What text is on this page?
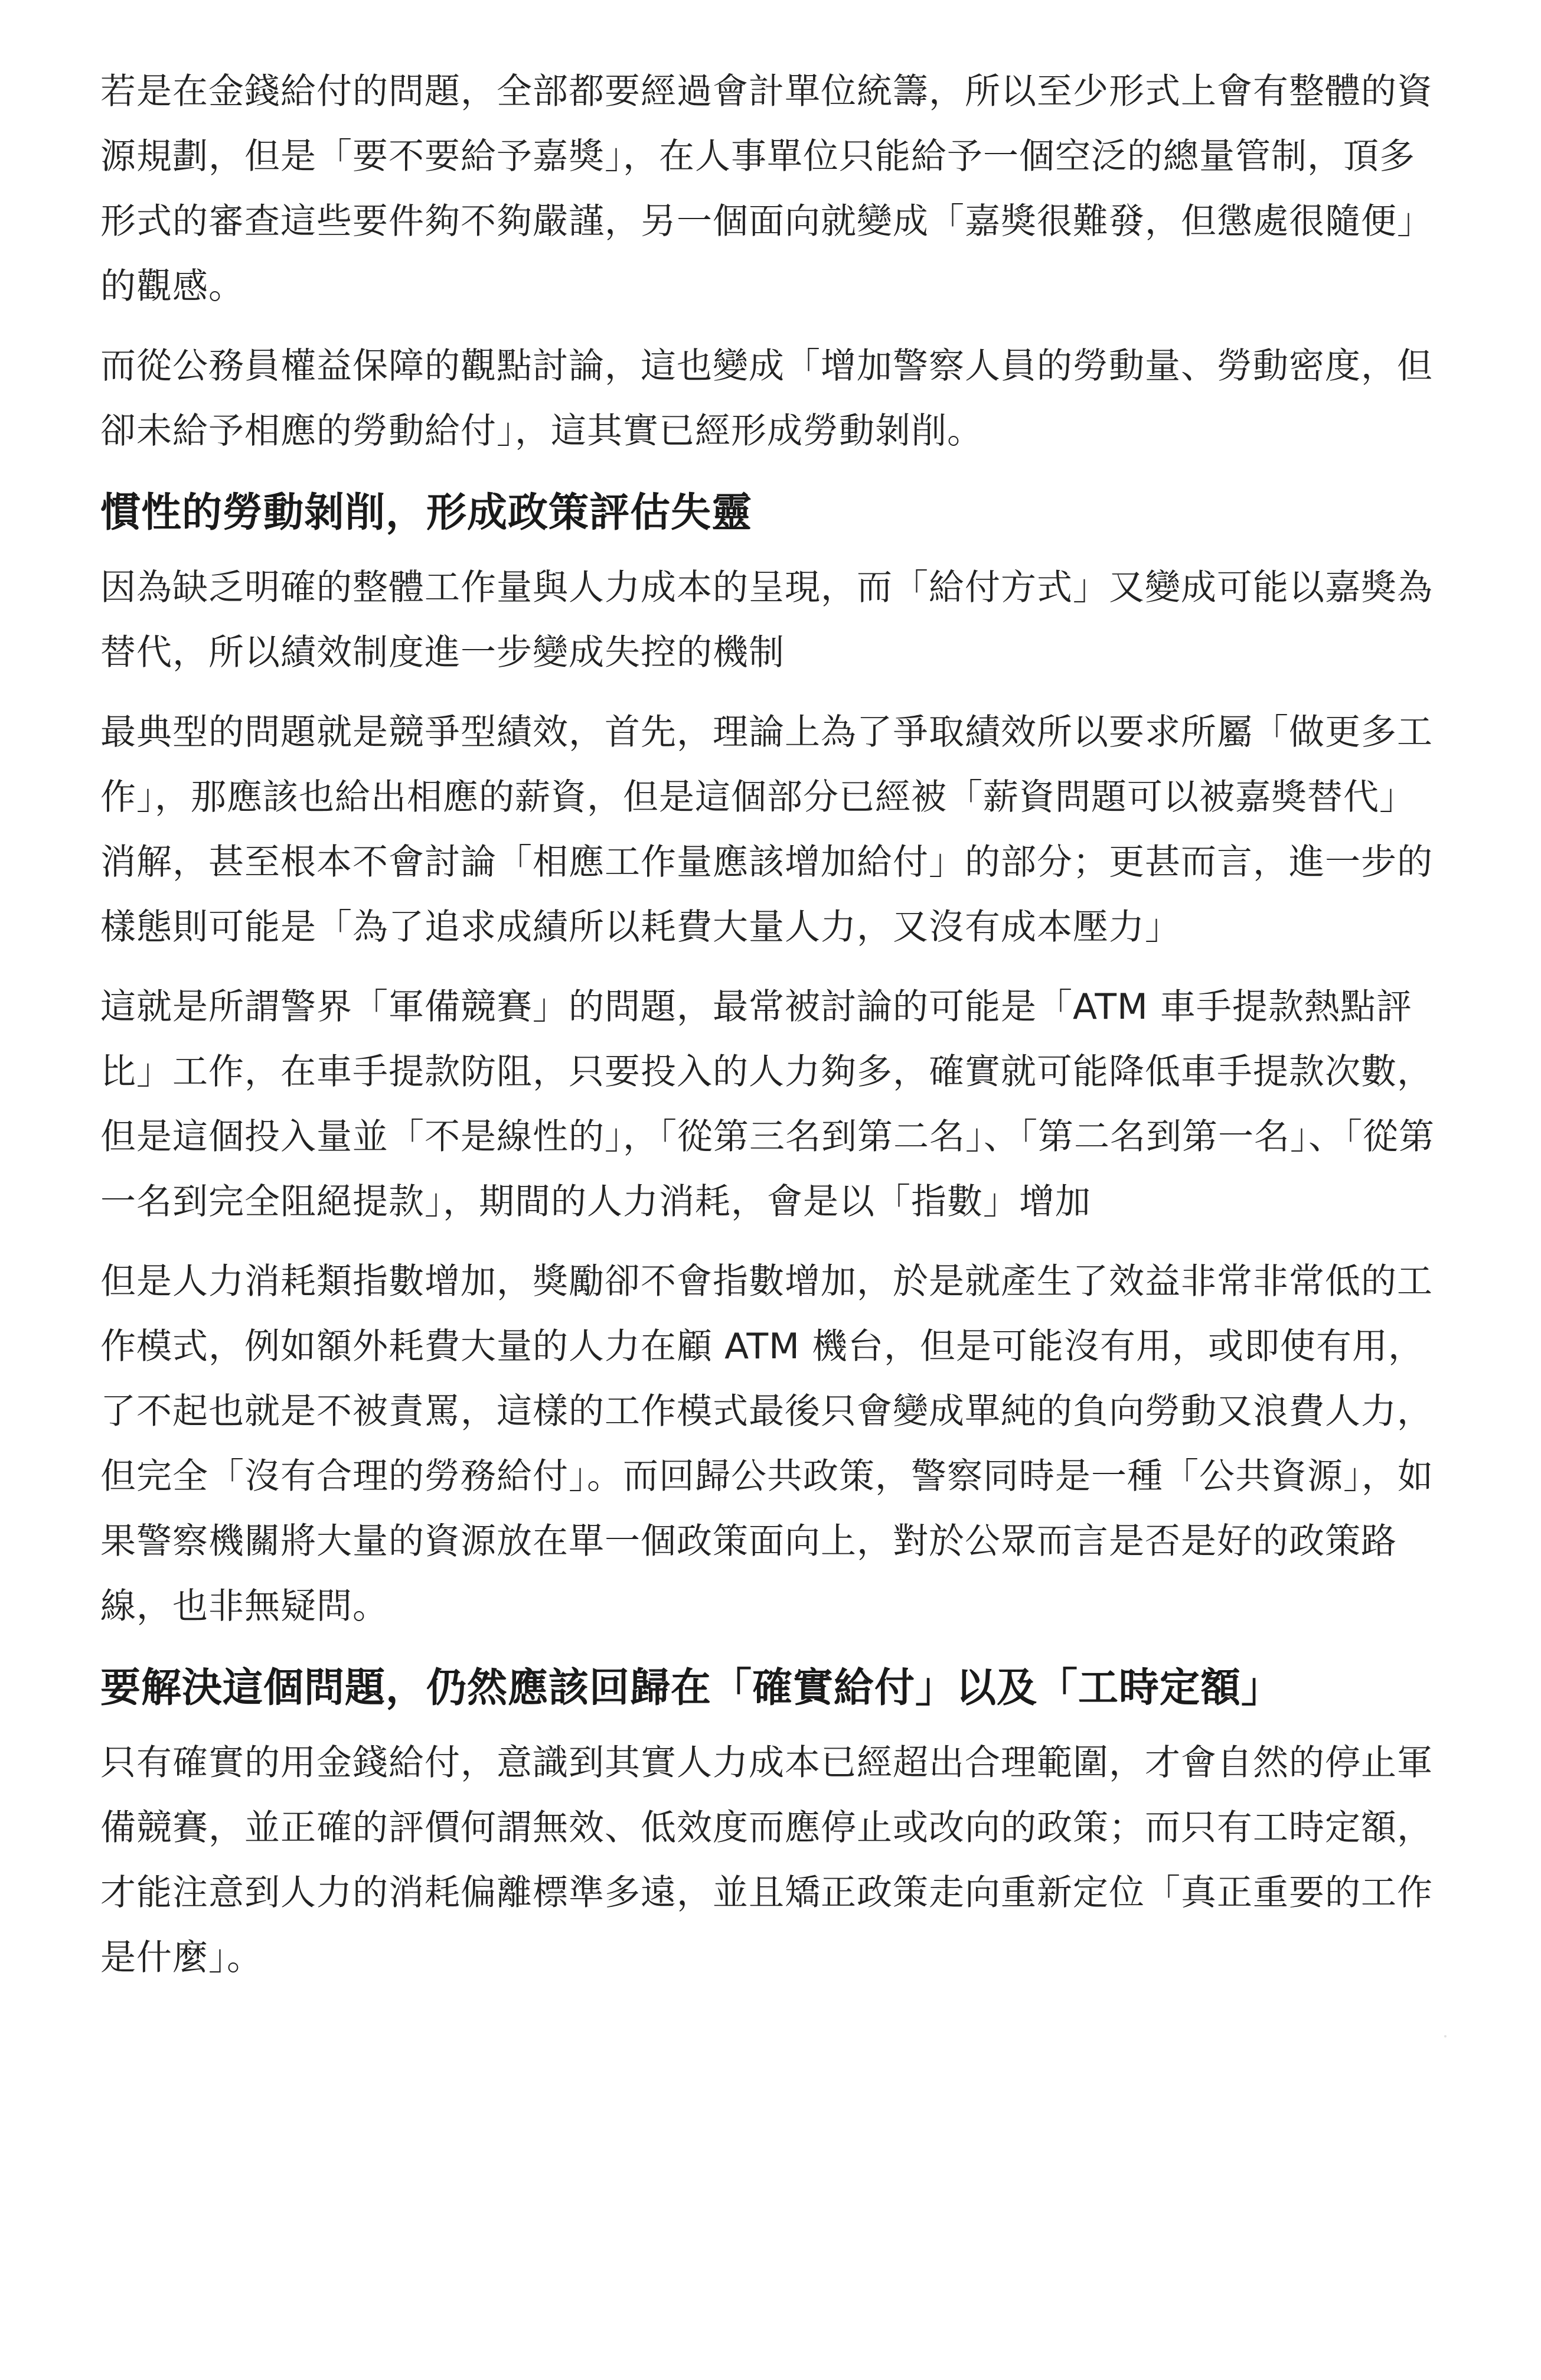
若是在金錢給付的問題，全部都要經過會計單位統籌，所以至少形式上會有整體的資源規劃，但是「要不要給予嘉獎」，在人事單位只能給予一個空泛的總量管制，頂多形式的審查這些要件夠不夠嚴謹，另一個面向就變成「嘉獎很難發，但懲處很隨便」的觀感。

而從公務員權益保障的觀點討論，這也變成「增加警察人員的勞動量、勞動密度，但卻未給予相應的勞動給付」，這其實已經形成勞動剝削。

慣性的勞動剝削，形成政策評估失靈

因為缺乏明確的整體工作量與人力成本的呈現，而「給付方式」又變成可能以嘉獎為替代，所以績效制度進一步變成失控的機制

最典型的問題就是競爭型績效，首先，理論上為了爭取績效所以要求所屬「做更多工作」，那應該也給出相應的薪資，但是這個部分已經被「薪資問題可以被嘉獎替代」消解，甚至根本不會討論「相應工作量應該增加給付」的部分；更甚而言，進一步的樣態則可能是「為了追求成績所以耗費大量人力，又沒有成本壓力」

這就是所謂警界「軍備競賽」的問題，最常被討論的可能是「ATM 車手提款熱點評比」工作，在車手提款防阻，只要投入的人力夠多，確實就可能降低車手提款次數，但是這個投入量並「不是線性的」，「從第三名到第二名」、「第二名到第一名」、「從第一名到完全阻絕提款」，期間的人力消耗，會是以「指數」增加

但是人力消耗類指數增加，獎勵卻不會指數增加，於是就產生了效益非常非常低的工作模式，例如額外耗費大量的人力在顧 ATM 機台，但是可能沒有用，或即使有用，了不起也就是不被責罵，這樣的工作模式最後只會變成單純的負向勞動又浪費人力，但完全「沒有合理的勞務給付」。而回歸公共政策，警察同時是一種「公共資源」，如果警察機關將大量的資源放在單一個政策面向上，對於公眾而言是否是好的政策路線，也非無疑問。

要解決這個問題，仍然應該回歸在「確實給付」以及「工時定額」

只有確實的用金錢給付，意識到其實人力成本已經超出合理範圍，才會自然的停止軍備競賽，並正確的評價何謂無效、低效度而應停止或改向的政策；而只有工時定額，才能注意到人力的消耗偏離標準多遠，並且矯正政策走向重新定位「真正重要的工作是什麼」。
